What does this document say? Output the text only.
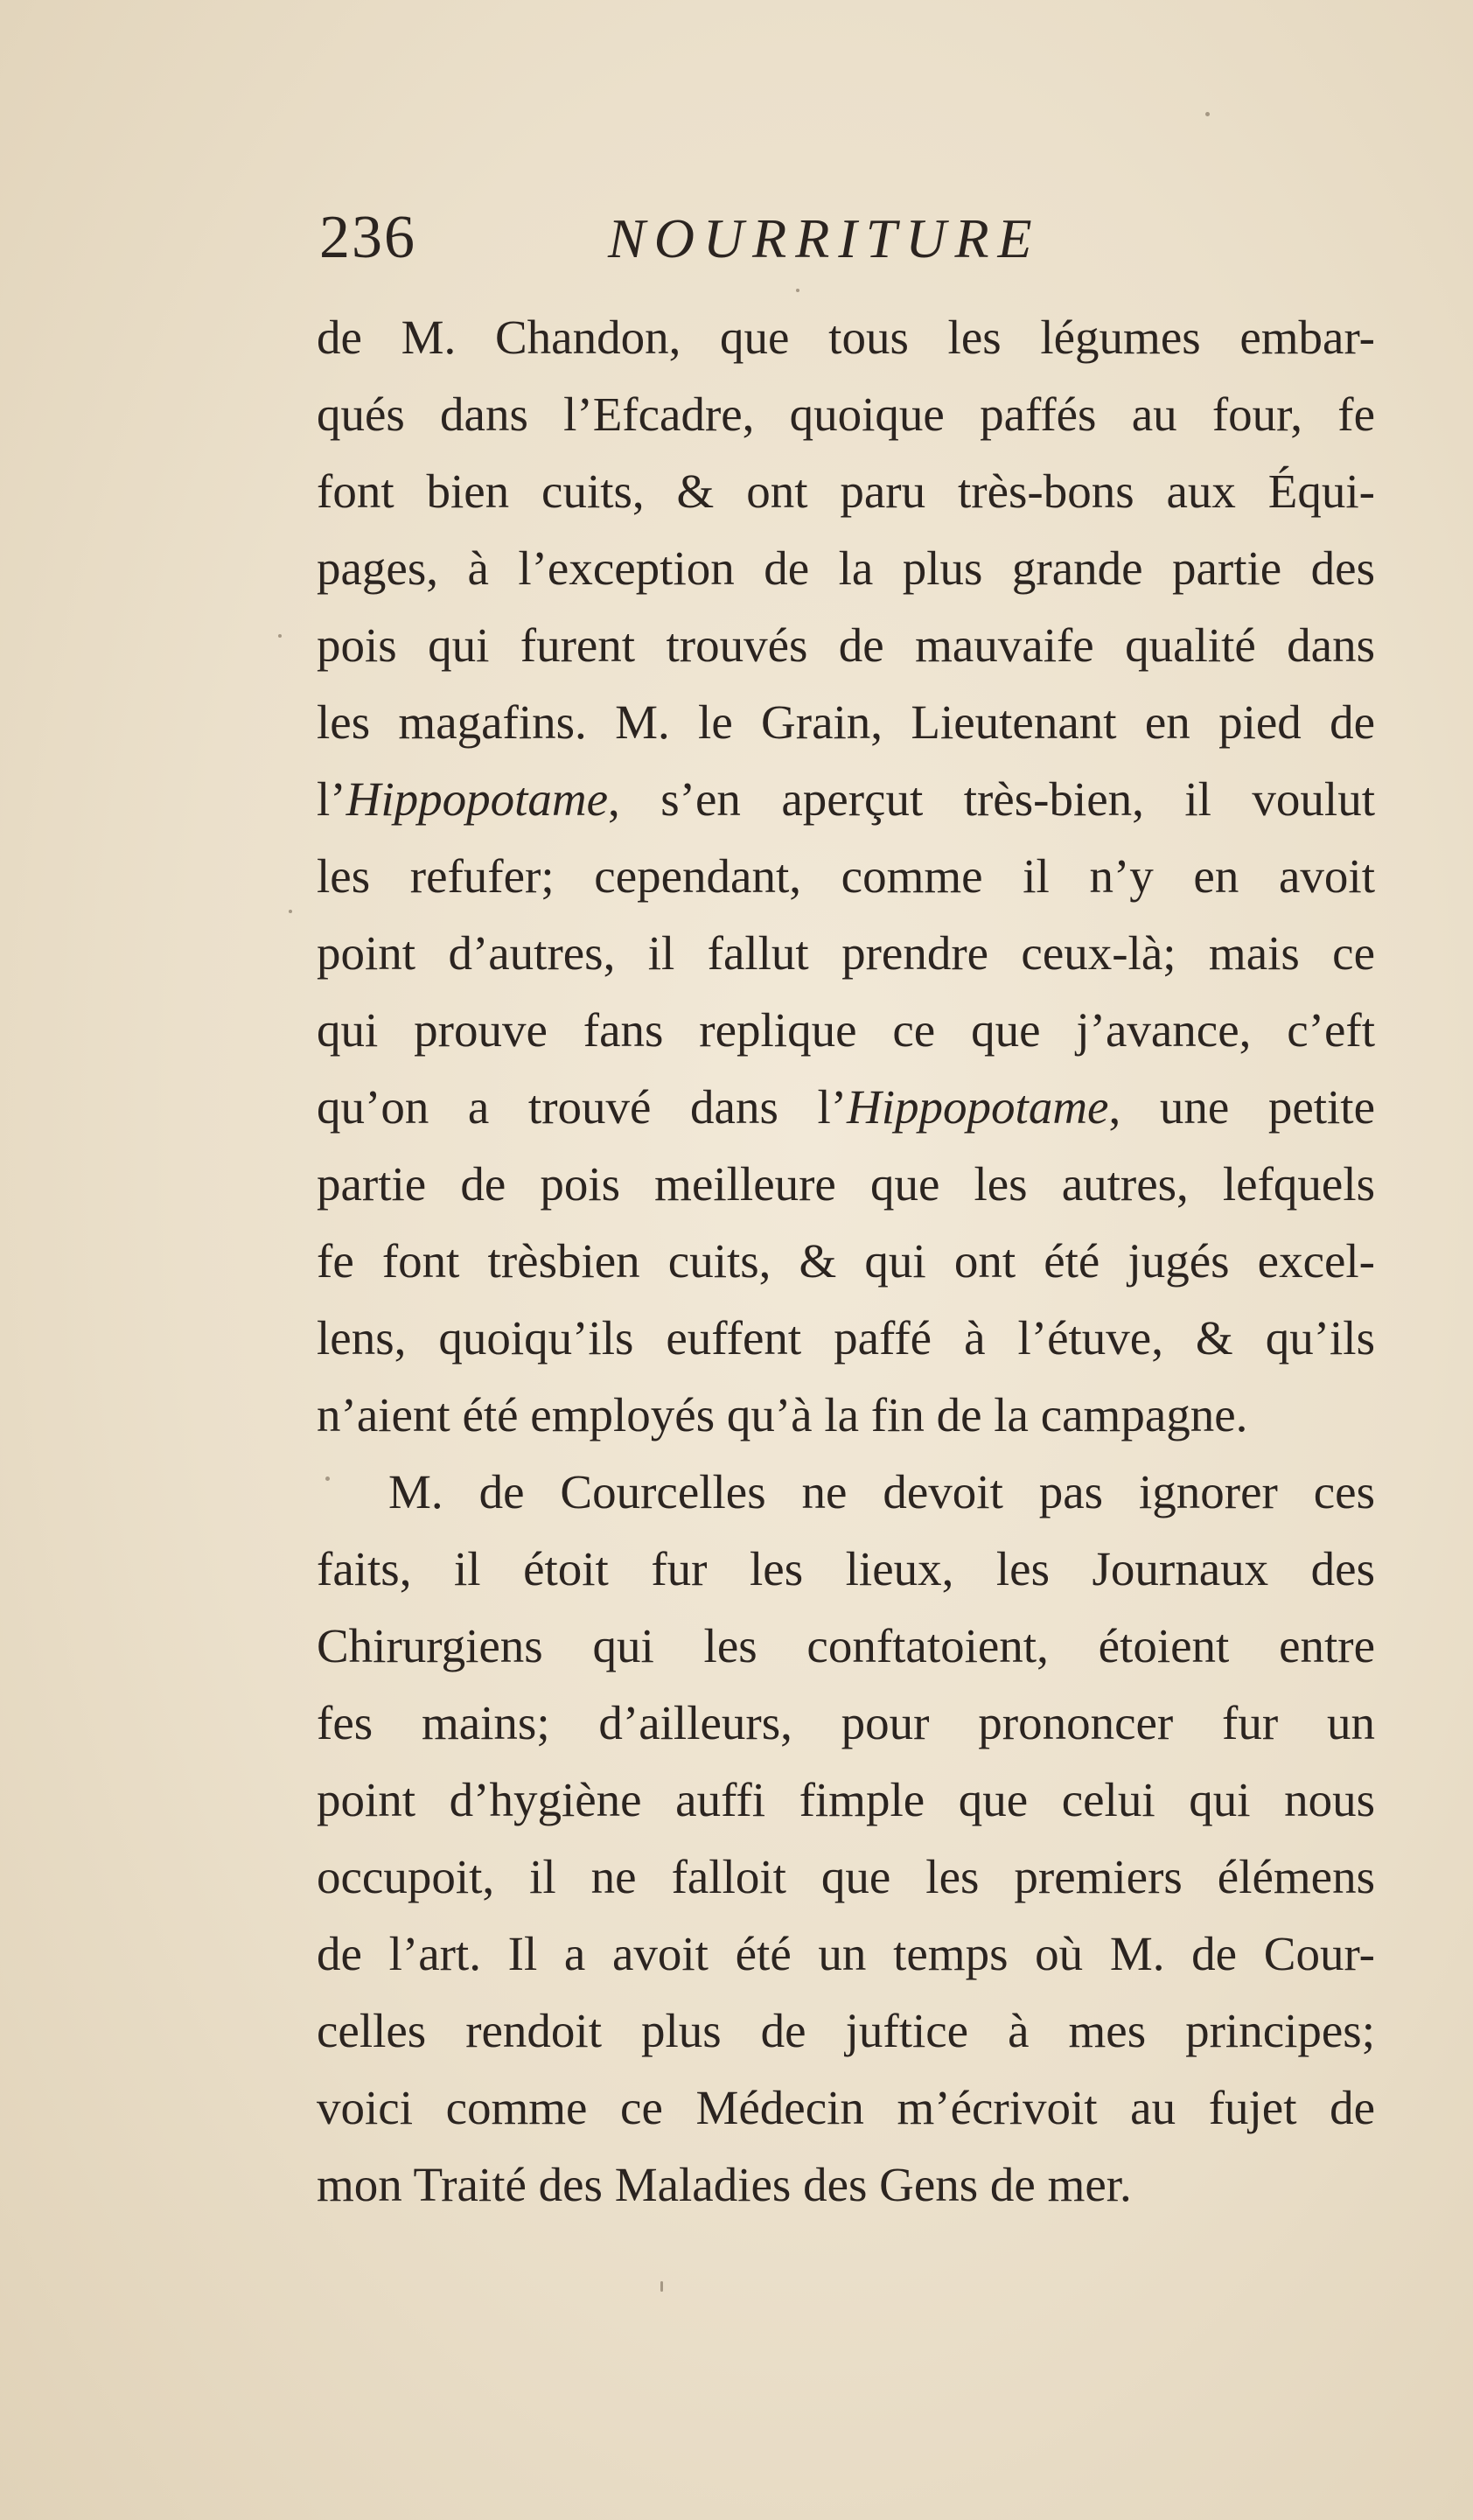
236	NOURRITURE
de M. Chandon, que tous les légumes embar-
qués dans l’Efcadre, quoique paffés au four, fe
font bien cuits, & ont paru très-bons aux Équi-
pages, à l’exception de la plus grande partie des
pois qui furent trouvés de mauvaife qualité dans
les magafins. M. le Grain, Lieutenant en pied de
l’Hippopotame, s’en aperçut très-bien, il voulut
les refufer; cependant, comme il n’y en avoit
point d’autres, il fallut prendre ceux-là; mais ce
qui prouve fans replique ce que j’avance, c’eft
qu’on a trouvé dans l’Hippopotame, une petite
partie de pois meilleure que les autres, lefquels
fe font trèsbien cuits, & qui ont été jugés excel-
lens, quoiqu’ils euffent paffé à l’étuve, & qu’ils
n’aient été employés qu’à la fin de la campagne.
M. de Courcelles ne devoit pas ignorer ces
faits, il étoit fur les lieux, les Journaux des
Chirurgiens qui les conftatoient, étoient entre
fes mains; d’ailleurs, pour prononcer fur un
point d’hygiène auffi fimple que celui qui nous
occupoit, il ne falloit que les premiers élémens
de l’art. Il a avoit été un temps où M. de Cour-
celles rendoit plus de juftice à mes principes;
voici comme ce Médecin m’écrivoit au fujet de
mon Traité des Maladies des Gens de mer.
